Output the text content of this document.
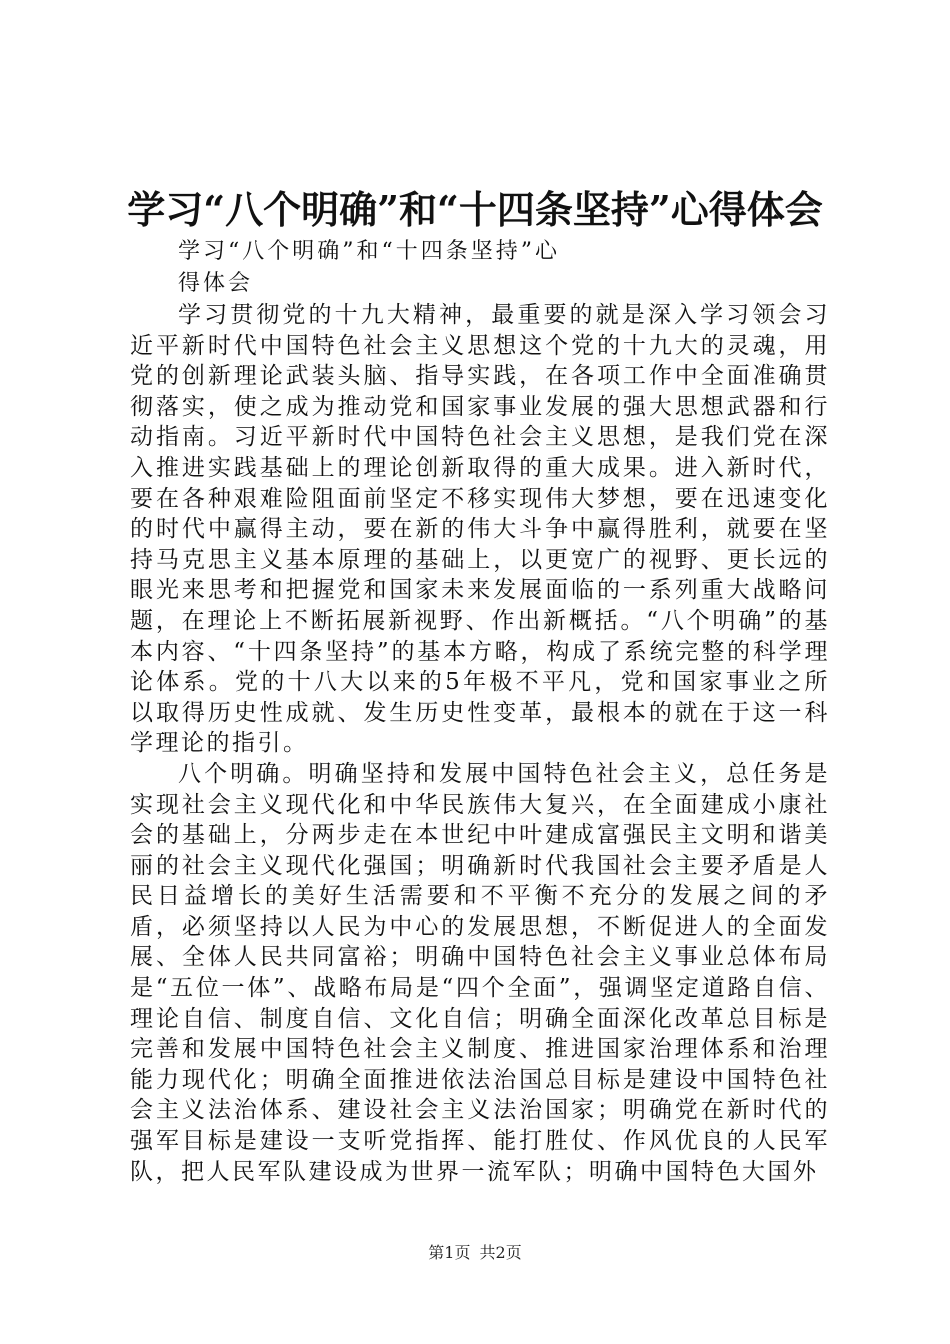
学习“八个明确”和“十四条坚持”心得体会
学习“八个明确”和“十四条坚持”心
得体会

学习贯彻党的十九大精神，最重要的就是深入学习领会习近平新时代中国特色社会主义思想这个党的十九大的灵魂，用党的创新理论武装头脑、指导实践，在各项工作中全面准确贯彻落实，使之成为推动党和国家事业发展的强大思想武器和行动指南。习近平新时代中国特色社会主义思想，是我们党在深入推进实践基础上的理论创新取得的重大成果。进入新时代，要在各种艰难险阻面前坚定不移实现伟大梦想，要在迅速变化的时代中赢得主动，要在新的伟大斗争中赢得胜利，就要在坚持马克思主义基本原理的基础上，以更宽广的视野、更长远的眼光来思考和把握党和国家未来发展面临的一系列重大战略问题，在理论上不断拓展新视野、作出新概括。“八个明确”的基本内容、“十四条坚持”的基本方略，构成了系统完整的科学理论体系。党的十八大以来的5年极不平凡，党和国家事业之所以取得历史性成就、发生历史性变革，最根本的就在于这一科学理论的指引。

八个明确。明确坚持和发展中国特色社会主义，总任务是实现社会主义现代化和中华民族伟大复兴，在全面建成小康社会的基础上，分两步走在本世纪中叶建成富强民主文明和谐美丽的社会主义现代化强国；明确新时代我国社会主要矛盾是人民日益增长的美好生活需要和不平衡不充分的发展之间的矛盾，必须坚持以人民为中心的发展思想，不断促进人的全面发展、全体人民共同富裕；明确中国特色社会主义事业总体布局是“五位一体”、战略布局是“四个全面”，强调坚定道路自信、理论自信、制度自信、文化自信；明确全面深化改革总目标是完善和发展中国特色社会主义制度、推进国家治理体系和治理能力现代化；明确全面推进依法治国总目标是建设中国特色社会主义法治体系、建设社会主义法治国家；明确党在新时代的强军目标是建设一支听党指挥、能打胜仗、作风优良的人民军队，把人民军队建设成为世界一流军队；明确中国特色大国外

第1页 共2页
